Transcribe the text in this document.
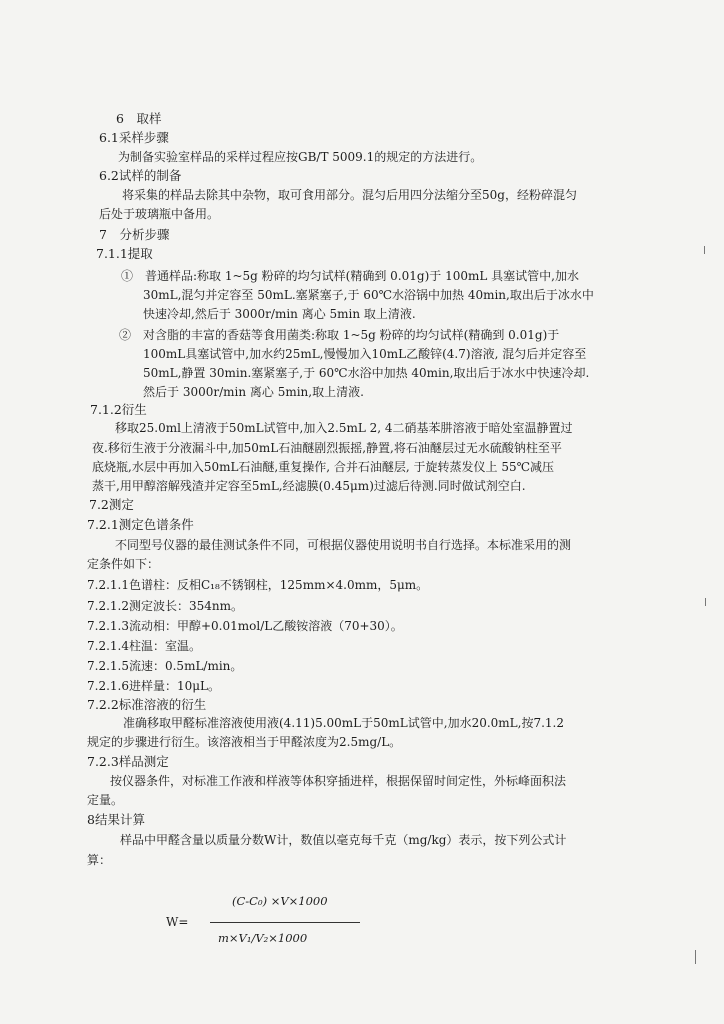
6　取样
6.1采样步骤
为制备实验室样品的采样过程应按GB/T 5009.1的规定的方法进行。
6.2试样的制备
将采集的样品去除其中杂物，取可食用部分。混匀后用四分法缩分至50g，经粉碎混匀
后处于玻璃瓶中备用。
7　分析步骤
7.1.1提取
①　普通样品:称取 1~5g 粉碎的均匀试样(精确到 0.01g)于 100mL 具塞试管中,加水
30mL,混匀并定容至 50mL.塞紧塞子,于 60℃水浴锅中加热 40min,取出后于冰水中
快速冷却,然后于 3000r/min 离心 5min 取上清液.
②　对含脂的丰富的香菇等食用菌类:称取 1~5g 粉碎的均匀试样(精确到 0.01g)于
100mL具塞试管中,加水约25mL,慢慢加入10mL乙酸锌(4.7)溶液, 混匀后并定容至
50mL,静置 30min.塞紧塞子,于 60℃水浴中加热 40min,取出后于冰水中快速冷却.
然后于 3000r/min 离心 5min,取上清液.
7.1.2衍生
移取25.0ml上清液于50mL试管中,加入2.5mL 2, 4二硝基苯肼溶液于暗处室温静置过
夜.移衍生液于分液漏斗中,加50mL石油醚剧烈振摇,静置,将石油醚层过无水硫酸钠柱至平
底烧瓶,水层中再加入50mL石油醚,重复操作, 合并石油醚层, 于旋转蒸发仪上 55℃减压
蒸干,用甲醇溶解残渣并定容至5mL,经滤膜(0.45μm)过滤后待测.同时做试剂空白.
7.2测定
7.2.1测定色谱条件
不同型号仪器的最佳测试条件不同，可根据仪器使用说明书自行选择。本标准采用的测
定条件如下：
7.2.1.1色谱柱：反相C₁₈不锈钢柱，125mm×4.0mm，5μm。
7.2.1.2测定波长：354nm。
7.2.1.3流动相：甲醇+0.01mol/L乙酸铵溶液（70+30）。
7.2.1.4柱温：室温。
7.2.1.5流速：0.5mL/min。
7.2.1.6进样量：10μL。
7.2.2标准溶液的衍生
准确移取甲醛标准溶液使用液(4.11)5.00mL于50mL试管中,加水20.0mL,按7.1.2
规定的步骤进行衍生。该溶液相当于甲醛浓度为2.5mg/L。
7.2.3样品测定
按仪器条件，对标准工作液和样液等体积穿插进样，根据保留时间定性，外标峰面积法
定量。
8结果计算
样品中甲醛含量以质量分数W计，数值以毫克每千克（mg/kg）表示，按下列公式计
算：
W=
(C-C₀) ×V×1000
m×V₁/V₂×1000
